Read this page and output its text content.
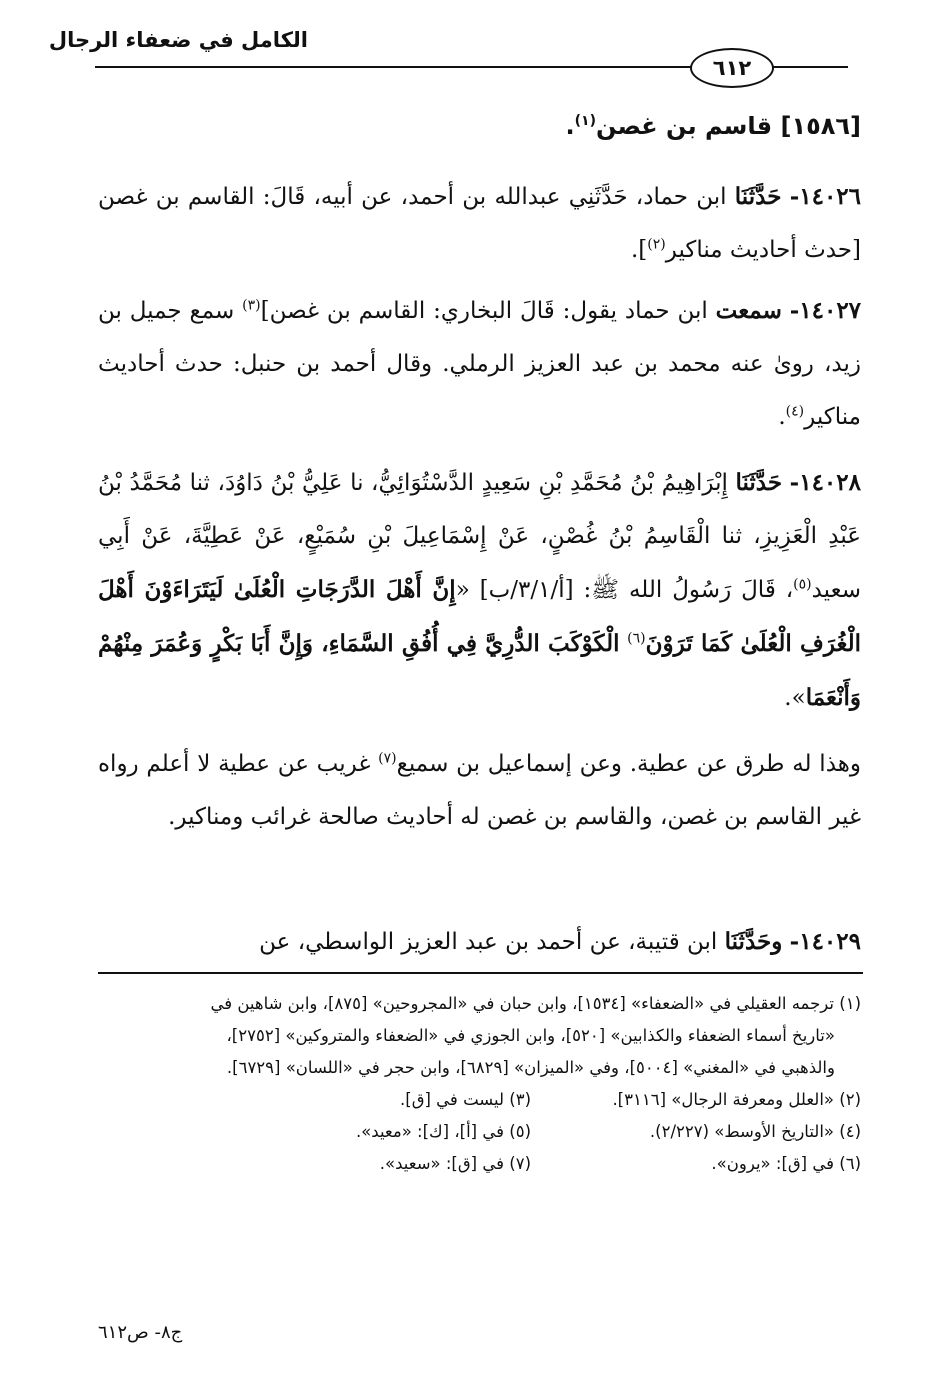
الكامل في ضعفاء الرجال
٦١٢
[١٥٨٦] قاسم بن غصن$^{(١)}$.
١٤٠٢٦- حَدَّثَنَا ابن حماد، حَدَّثَنِي عبدالله بن أحمد، عن أبيه، قَالَ: القاسم بن غصن [حدث أحاديث مناكير$^{(٢)}$].
١٤٠٢٧- سمعت ابن حماد يقول: قَالَ البخاري: القاسم بن غصن]$^{(٣)}$ سمع جميل بن زيد، روىٰ عنه محمد بن عبد العزيز الرملي. وقال أحمد بن حنبل: حدث أحاديث مناكير$^{(٤)}$.
١٤٠٢٨- حَدَّثَنَا إِبْرَاهِيمُ بْنُ مُحَمَّدِ بْنِ سَعِيدٍ الدَّسْتُوَائِيُّ، نا عَلِيُّ بْنُ دَاوُدَ، ثنا مُحَمَّدُ بْنُ عَبْدِ الْعَزِيزِ، ثنا الْقَاسِمُ بْنُ غُصْنٍ، عَنْ إِسْمَاعِيلَ بْنِ سُمَيْعٍ، عَنْ عَطِيَّةَ، عَنْ أَبِي سعيد$^{(٥)}$، قَالَ رَسُولُ الله ﷺ: [أ/٣/١/ب] «إِنَّ أَهْلَ الدَّرَجَاتِ الْعُلَىٰ لَيَتَرَاءَوْنَ أَهْلَ الْغُرَفِ الْعُلَىٰ كَمَا تَرَوْنَ$^{(٦)}$ الْكَوْكَبَ الدُّرِيَّ فِي أُفُقِ السَّمَاءِ، وَإِنَّ أَبَا بَكْرٍ وَعُمَرَ مِنْهُمْ وَأَنْعَمَا».
وهذا له طرق عن عطية. وعن إسماعيل بن سميع$^{(٧)}$ غريب عن عطية لا أعلم رواه غير القاسم بن غصن، والقاسم بن غصن له أحاديث صالحة غرائب ومناكير.
١٤٠٢٩- وحَدَّثَنَا ابن قتيبة، عن أحمد بن عبد العزيز الواسطي، عن
(١) ترجمه العقيلي في «الضعفاء» [١٥٣٤]، وابن حبان في «المجروحين» [٨٧٥]، وابن شاهين في
«تاريخ أسماء الضعفاء والكذابين» [٥٢٠]، وابن الجوزي في «الضعفاء والمتروكين» [٢٧٥٢]،
والذهبي في «المغني» [٥٠٠٤]، وفي «الميزان» [٦٨٢٩]، وابن حجر في «اللسان» [٦٧٢٩].
(٢) «العلل ومعرفة الرجال» [٣١١٦].
(٣) ليست في [ق].
(٤) «التاريخ الأوسط» (٢/٢٢٧).
(٥) في [أ]، [ك]: «معيد».
(٦) في [ق]: «يرون».
(٧) في [ق]: «سعيد».
ج٨- ص٦١٢
